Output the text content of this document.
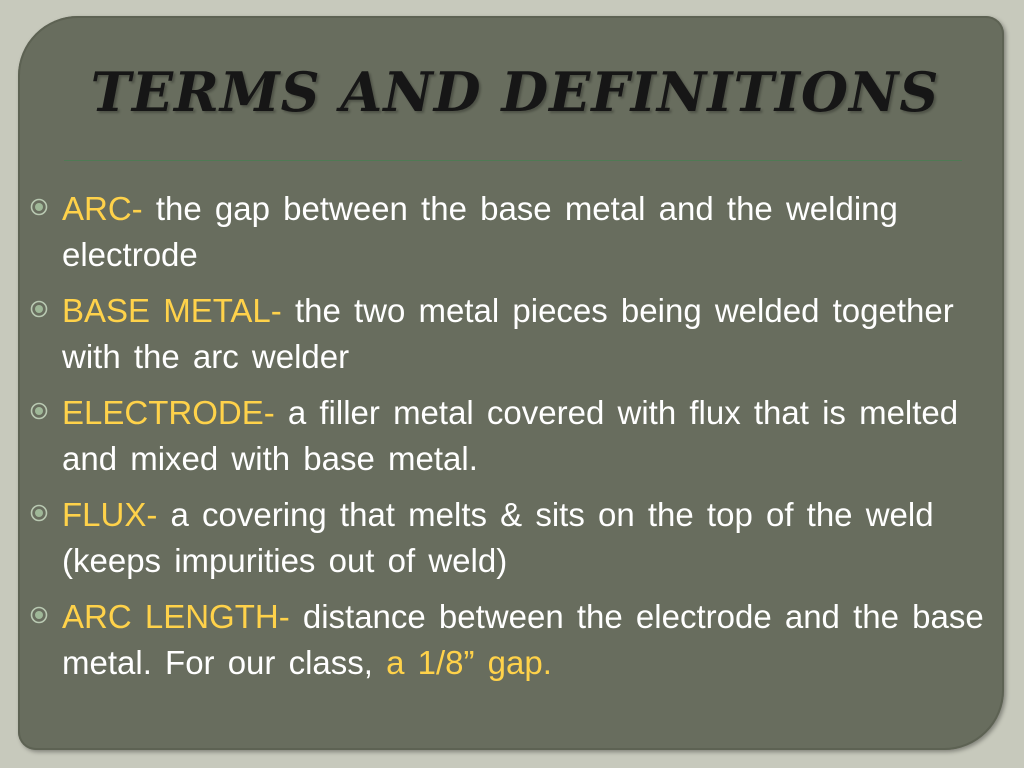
TERMS AND DEFINITIONS
ARC- the gap between the base metal and the welding electrode
BASE METAL- the two metal pieces being welded together with the arc welder
ELECTRODE- a filler metal covered with flux that is melted and mixed with base metal.
FLUX- a covering that melts & sits on the top of the weld (keeps impurities out of weld)
ARC LENGTH- distance between the electrode and the base metal. For our class, a 1/8” gap.
